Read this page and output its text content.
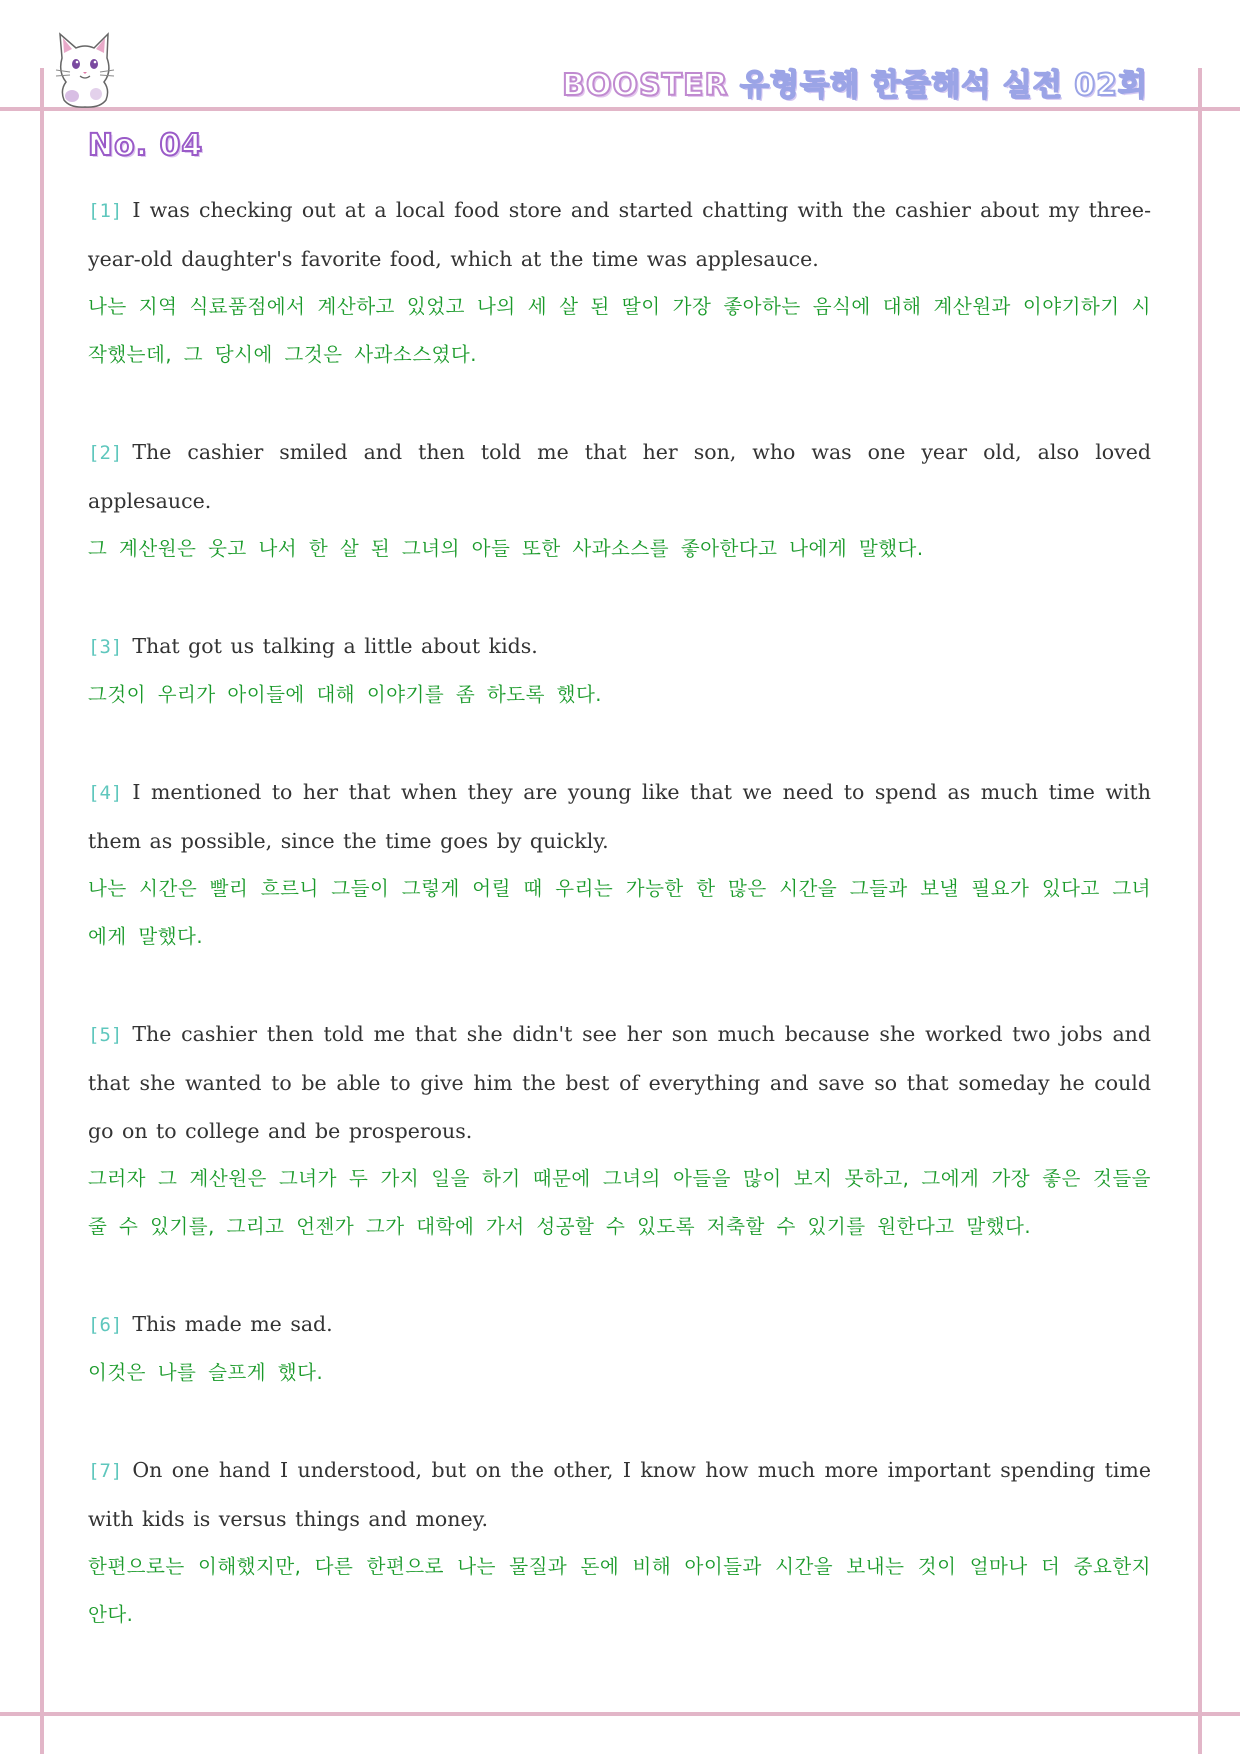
BOOSTER 유형독해 한줄해석 실전 02회
No. 04

[1] I was checking out at a local food store and started chatting with the cashier about my three-year-old daughter's favorite food, which at the time was applesauce.

나는 지역 식료품점에서 계산하고 있었고 나의 세 살 된 딸이 가장 좋아하는 음식에 대해 계산원과 이야기하기 시작했는데, 그 당시에 그것은 사과소스였다.

[2] The cashier smiled and then told me that her son, who was one year old, also loved applesauce.

그 계산원은 웃고 나서 한 살 된 그녀의 아들 또한 사과소스를 좋아한다고 나에게 말했다.

[3] That got us talking a little about kids.

그것이 우리가 아이들에 대해 이야기를 좀 하도록 했다.

[4] I mentioned to her that when they are young like that we need to spend as much time with them as possible, since the time goes by quickly.

나는 시간은 빨리 흐르니 그들이 그렇게 어릴 때 우리는 가능한 한 많은 시간을 그들과 보낼 필요가 있다고 그녀에게 말했다.

[5] The cashier then told me that she didn't see her son much because she worked two jobs and that she wanted to be able to give him the best of everything and save so that someday he could go on to college and be prosperous.

그러자 그 계산원은 그녀가 두 가지 일을 하기 때문에 그녀의 아들을 많이 보지 못하고, 그에게 가장 좋은 것들을 줄 수 있기를, 그리고 언젠가 그가 대학에 가서 성공할 수 있도록 저축할 수 있기를 원한다고 말했다.

[6] This made me sad.

이것은 나를 슬프게 했다.

[7] On one hand I understood, but on the other, I know how much more important spending time with kids is versus things and money.

한편으로는 이해했지만, 다른 한편으로 나는 물질과 돈에 비해 아이들과 시간을 보내는 것이 얼마나 더 중요한지 안다.
